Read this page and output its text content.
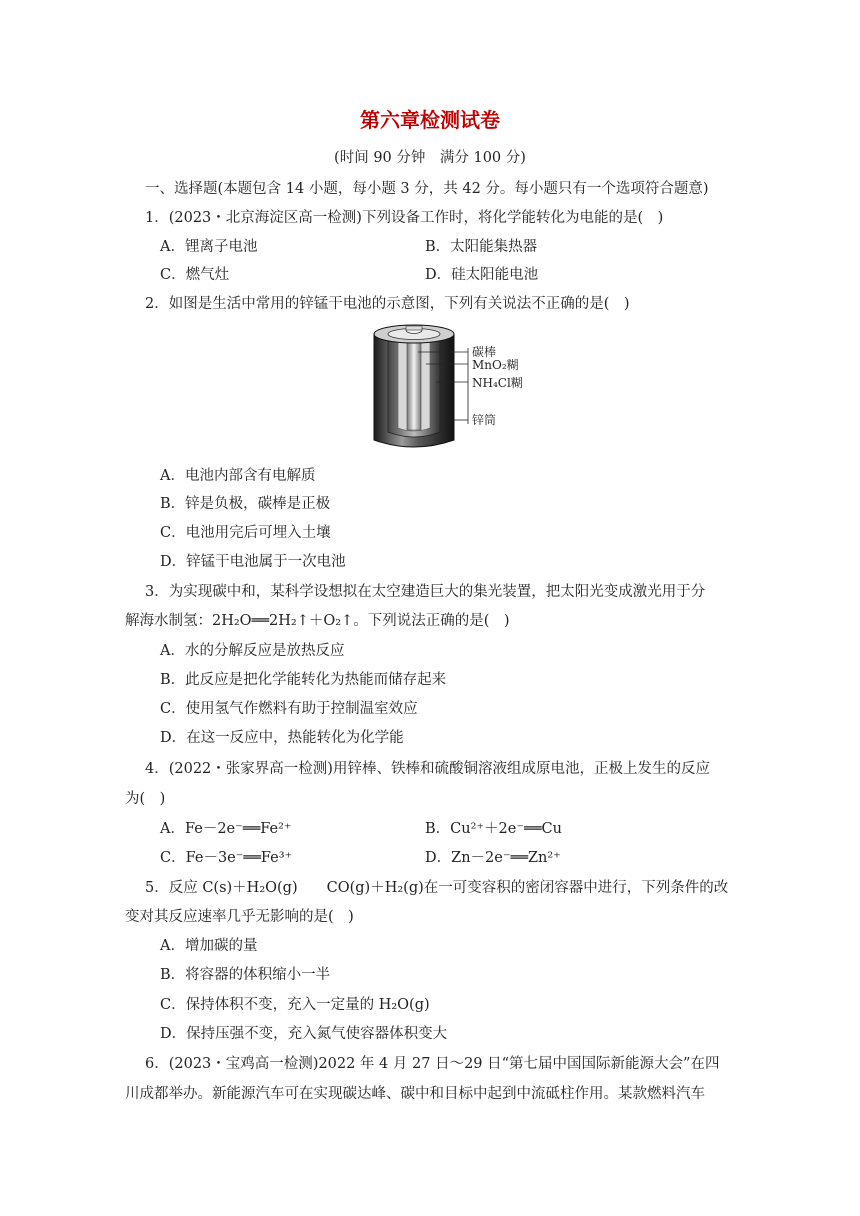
第六章检测试卷
(时间 90 分钟　满分 100 分)
一、选择题(本题包含 14 小题，每小题 3 分，共 42 分。每小题只有一个选项符合题意)
1．(2023・北京海淀区高一检测)下列设备工作时，将化学能转化为电能的是(　)
A．锂离子电池	B．太阳能集热器
C．燃气灶	D．硅太阳能电池
2．如图是生活中常用的锌锰干电池的示意图，下列有关说法不正确的是(　)
碳棒
MnO₂糊
NH₄Cl糊
锌筒
A．电池内部含有电解质
B．锌是负极，碳棒是正极
C．电池用完后可埋入土壤
D．锌锰干电池属于一次电池
3．为实现碳中和，某科学设想拟在太空建造巨大的集光装置，把太阳光变成激光用于分
解海水制氢：2H₂O══2H₂↑＋O₂↑。下列说法正确的是(　)
A．水的分解反应是放热反应
B．此反应是把化学能转化为热能而储存起来
C．使用氢气作燃料有助于控制温室效应
D．在这一反应中，热能转化为化学能
4．(2022・张家界高一检测)用锌棒、铁棒和硫酸铜溶液组成原电池，正极上发生的反应
为(　)
A．Fe－2e⁻══Fe²⁺	B．Cu²⁺＋2e⁻══Cu
C．Fe－3e⁻══Fe³⁺	D．Zn－2e⁻══Zn²⁺
5．反应 C(s)＋H₂O(g)　　CO(g)＋H₂(g)在一可变容积的密闭容器中进行，下列条件的改
变对其反应速率几乎无影响的是(　)
A．增加碳的量
B．将容器的体积缩小一半
C．保持体积不变，充入一定量的 H₂O(g)
D．保持压强不变，充入氮气使容器体积变大
6．(2023・宝鸡高一检测)2022 年 4 月 27 日～29 日“第七届中国国际新能源大会”在四
川成都举办。新能源汽车可在实现碳达峰、碳中和目标中起到中流砥柱作用。某款燃料汽车
